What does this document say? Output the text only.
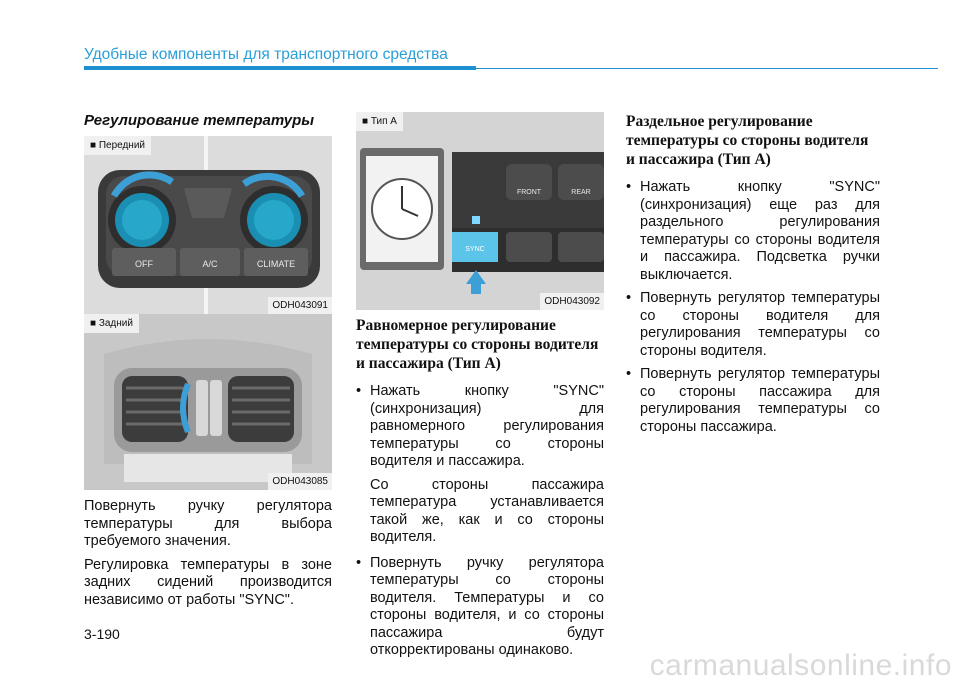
Удобные компоненты для транспортного средства
Регулирование температуры
OFF	A/C	CLIMATE
■ Передний
ODH043091
■ Задний
ODH043085

Повернуть ручку регулятора температуры для выбора требуемого значения.

Регулировка температуры в зоне задних сидений производится независимо от работы "SYNC".

FRONT	REAR
SYNC
■ Тип A
ODH043092
Равномерное регулирование температуры со стороны водителя и пассажира (Тип A)
• Нажать кнопку "SYNC" (синхронизация) для равномерного регулирования температуры со стороны водителя и пассажира.
Со стороны пассажира температура устанавливается такой же, как и со стороны водителя.
• Повернуть ручку регулятора температуры со стороны водителя. Температуры и со стороны водителя, и со стороны пассажира будут откорректированы одинаково.
Раздельное регулирование температуры со стороны водителя и пассажира (Тип A)
• Нажать кнопку "SYNC" (синхронизация) еще раз для раздельного регулирования температуры со стороны водителя и пассажира. Подсветка ручки выключается.
• Повернуть регулятор температуры со стороны водителя для регулирования температуры со стороны водителя.
• Повернуть регулятор температуры со стороны пассажира для регулирования температуры со стороны пассажира.
3-190
carmanualsonline.info
